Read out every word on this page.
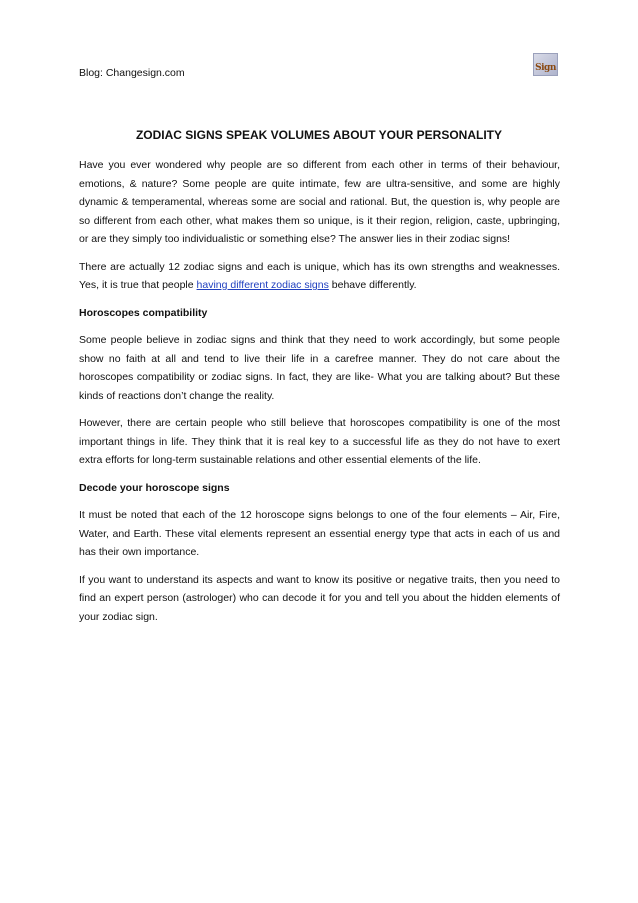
Blog: Changesign.com	Sign
ZODIAC SIGNS SPEAK VOLUMES ABOUT YOUR PERSONALITY

Have you ever wondered why people are so different from each other in terms of their behaviour, emotions, & nature? Some people are quite intimate, few are ultra-sensitive, and some are highly dynamic & temperamental, whereas some are social and rational. But, the question is, why people are so different from each other, what makes them so unique, is it their region, religion, caste, upbringing, or are they simply too individualistic or something else? The answer lies in their zodiac signs!

There are actually 12 zodiac signs and each is unique, which has its own strengths and weaknesses. Yes, it is true that people having different zodiac signs behave differently.

Horoscopes compatibility

Some people believe in zodiac signs and think that they need to work accordingly, but some people show no faith at all and tend to live their life in a carefree manner. They do not care about the horoscopes compatibility or zodiac signs. In fact, they are like- What you are talking about? But these kinds of reactions don’t change the reality.

However, there are certain people who still believe that horoscopes compatibility is one of the most important things in life. They think that it is real key to a successful life as they do not have to exert extra efforts for long-term sustainable relations and other essential elements of the life.

Decode your horoscope signs

It must be noted that each of the 12 horoscope signs belongs to one of the four elements – Air, Fire, Water, and Earth. These vital elements represent an essential energy type that acts in each of us and has their own importance.

If you want to understand its aspects and want to know its positive or negative traits, then you need to find an expert person (astrologer) who can decode it for you and tell you about the hidden elements of your zodiac sign.
